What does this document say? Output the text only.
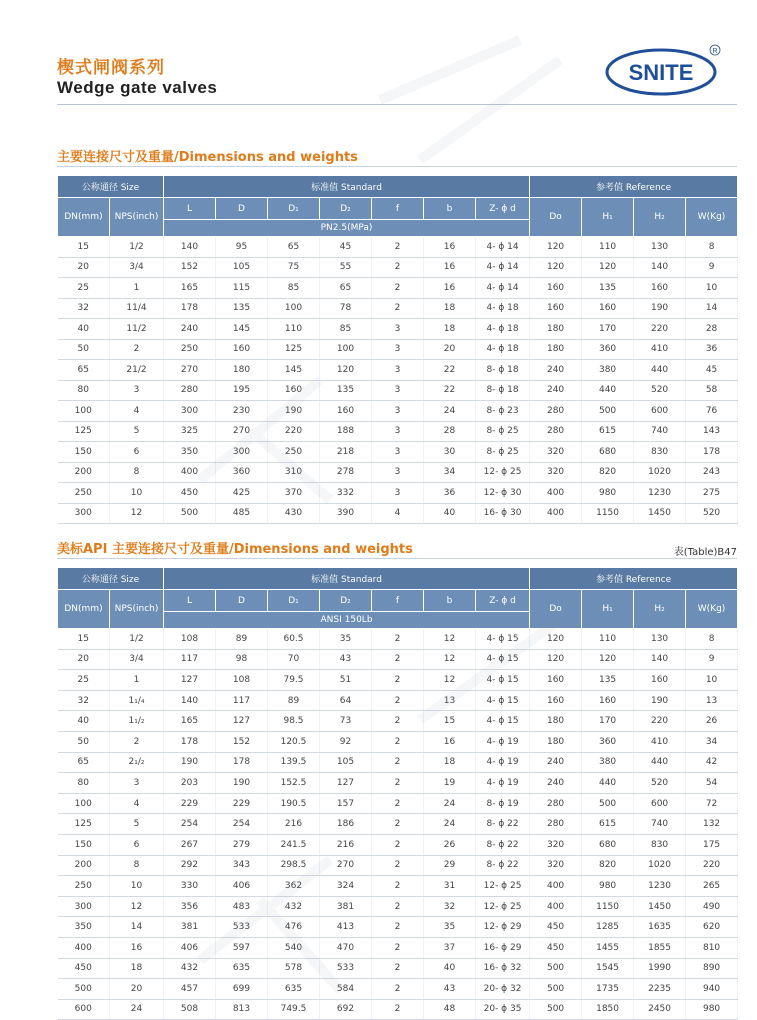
楔式闸阀系列
Wedge gate valves
SNITE
R
主要连接尺寸及重量/Dimensions and weights
公称通径 Size		标准值 Standard							参考值 Reference			
DN(mm)	NPS(inch)	L	D	D₁	D₂	f	b	Z- ϕ d	Do	H₁	H₂	W(Kg)
		PN2.5(MPa)										
15	1/2	140	95	65	45	2	16	4- ϕ 14	120	110	130	8
20	3/4	152	105	75	55	2	16	4- ϕ 14	120	120	140	9
25	1	165	115	85	65	2	16	4- ϕ 14	160	135	160	10
32	11/4	178	135	100	78	2	18	4- ϕ 18	160	160	190	14
40	11/2	240	145	110	85	3	18	4- ϕ 18	180	170	220	28
50	2	250	160	125	100	3	20	4- ϕ 18	180	360	410	36
65	21/2	270	180	145	120	3	22	8- ϕ 18	240	380	440	45
80	3	280	195	160	135	3	22	8- ϕ 18	240	440	520	58
100	4	300	230	190	160	3	24	8- ϕ 23	280	500	600	76
125	5	325	270	220	188	3	28	8- ϕ 25	280	615	740	143
150	6	350	300	250	218	3	30	8- ϕ 25	320	680	830	178
200	8	400	360	310	278	3	34	12- ϕ 25	320	820	1020	243
250	10	450	425	370	332	3	36	12- ϕ 30	400	980	1230	275
300	12	500	485	430	390	4	40	16- ϕ 30	400	1150	1450	520
美标API 主要连接尺寸及重量/Dimensions and weights	表(Table)B47
公称通径 Size		标准值 Standard							参考值 Reference			
DN(mm)	NPS(inch)	L	D	D₁	D₂	f	b	Z- ϕ d	Do	H₁	H₂	W(Kg)
		ANSI 150Lb										
15	1/2	108	89	60.5	35	2	12	4- ϕ 15	120	110	130	8
20	3/4	117	98	70	43	2	12	4- ϕ 15	120	120	140	9
25	1	127	108	79.5	51	2	12	4- ϕ 15	160	135	160	10
32	1₁/₄	140	117	89	64	2	13	4- ϕ 15	160	160	190	13
40	1₁/₂	165	127	98.5	73	2	15	4- ϕ 15	180	170	220	26
50	2	178	152	120.5	92	2	16	4- ϕ 19	180	360	410	34
65	2₁/₂	190	178	139.5	105	2	18	4- ϕ 19	240	380	440	42
80	3	203	190	152.5	127	2	19	4- ϕ 19	240	440	520	54
100	4	229	229	190.5	157	2	24	8- ϕ 19	280	500	600	72
125	5	254	254	216	186	2	24	8- ϕ 22	280	615	740	132
150	6	267	279	241.5	216	2	26	8- ϕ 22	320	680	830	175
200	8	292	343	298.5	270	2	29	8- ϕ 22	320	820	1020	220
250	10	330	406	362	324	2	31	12- ϕ 25	400	980	1230	265
300	12	356	483	432	381	2	32	12- ϕ 25	400	1150	1450	490
350	14	381	533	476	413	2	35	12- ϕ 29	450	1285	1635	620
400	16	406	597	540	470	2	37	16- ϕ 29	450	1455	1855	810
450	18	432	635	578	533	2	40	16- ϕ 32	500	1545	1990	890
500	20	457	699	635	584	2	43	20- ϕ 32	500	1735	2235	940
600	24	508	813	749.5	692	2	48	20- ϕ 35	500	1850	2450	980
